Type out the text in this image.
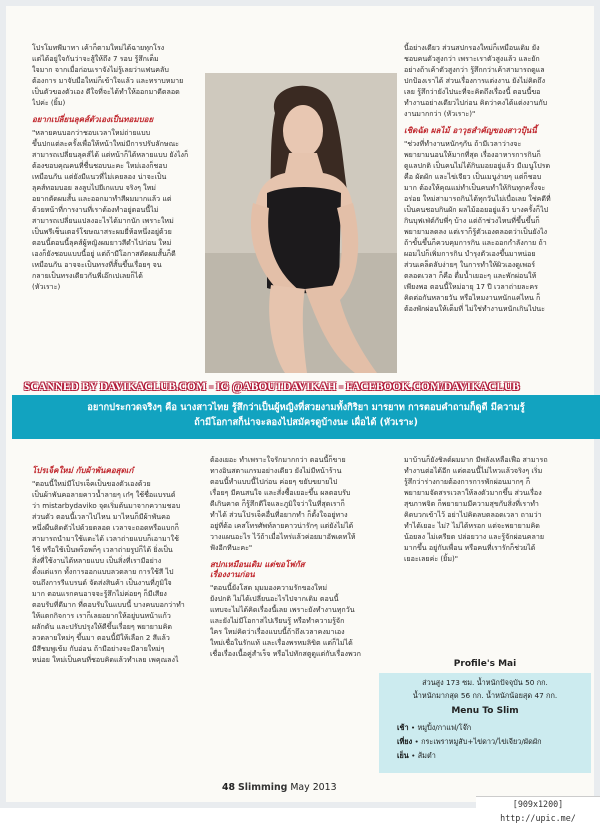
โปรโมทพีมาทา เค้าก็ตามใหม่ได้ฉายทุกโรง
แต่ได้อยู่ใจกันว่าจะสู้ให้ถึง 7 รอบ รู้สึกเต็ม
ใจมาก จากเมื่อก่อนเราจังไม่รู้เลยว่าแฟนคลับ
ต้องการ มาจับมือใหม่ก็เข้าใจแล้ว และทราบหมาย
เป็นตัวของตัวเอง ดีใจที่จะได้ทำให้ออกมาดีตลอด
ไปค่ะ (ยิ้ม)

อยากเปลี่ยนลุคส์ตัวเองเป็นทอมบอย

"หลายคนบอกว่าชอบเวลาใหม่ถ่ายแบบ
ขึ้นปกแต่ละครั้งเพื่อให้หน้าใหม่มีการปรับลักษณะ
สามารถเปลี่ยนลุคส์ได้ แต่หน้าก็ได้หลายแบบ ยังไงก็
ต้องขอบคุณคนที่ชื่นชอบนะคะ ใหม่เองก็ชอบ
เหมือนกัน แต่ยังมีแนวที่ไม่เคยลอง น่าจะเป็น
ลุคส์ทอมบอย ลงลูบไปยีเกแบบ จริงๆ ใหม่
อยากตัดผมสั้น และออกมาทำสีผมมากแล้ว แต่
ด้วยหน้าที่การงานที่เราต้องทำอยู่ตอนนี้ไม่
สามารถเปลี่ยนแปลงอะไรได้มากนัก เพราะใหม่
เป็นพรีเซ็นเตอร์โฆษณาสระผมยี่ห้อหนึ่งอยู่ด้วย
ตอนนี้ตอนนี้ลุคส์ผู้หญิงผมยาวสีดำไปก่อน ใหม่
เองก็ยังชอบแบบนี้อยู่ แต่ถ้ามีโอกาสตัดผมสั้นก็ดี
เหมือนกัน อาจจะเป็นทรงที่สั้นขึ้นเรื่อยๆ จน
กลายเป็นทรงเดียวกันพี่เอ๊กเปเลยก็ได้
(หัวเราะ)

นี้อย่างเดียว ส่วนสปกรองใหม่ก็เหมือนเดิม ยัง
ชอบคนตัวสูงกว่า เพราะเราตัวสูงแล้ว และยัก
อย่างถ้าเค้าตัวสูงกว่า รู้สึกกว่าเค้าสามารถดูแล
ปกป้องเราได้ ส่วนเรื่องการแต่งงาน ยังไม่คิดถึง
เลย รู้สึกว่ายังไปนะที่จะคิดถึงเรื่องนี้ ตอนนี้ขอ
ทำงานอย่างเดียวไปก่อน คิดว่าคงได้แต่งงานกับ
งานมากกว่า (หัวเราะ)"

เชิดฉัด ผลไม้ อาวุธสำคัญของสาวปุ้นนี้

"ช่วงที่ทำงานหนักๆกัน ถ้ามีเวลาว่างจะ
พยายามนอนให้มากที่สุด เรื่องอาหารการกินก็
ดูแลปกติ เป็นคนไม่ได้กินมอยอยู่แล้ว มีเมนูโปรด
คือ ผัดผัก และไข่เจียว เป็นเมนูง่ายๆ แต่ก็ชอบ
มาก ต้องให้คุณแม่ทำเป็นคนทำให้กินทุกครั้งจะ
อร่อย ใหม่สามารถกินได้ทุกวันไม่เบื่อเลย ใช่คดีที่
เป็นคนชอบกินผัก ผลไม้ออยอยู่แล้ว บางครั้งก็ไป
กินบุฟเฟ่ต์กับพี่ๆ บ้าง แต่ถ้าช่วงไหนที่ขึ้นขึ้นก็
พยายามลดลง แต่เราก็รู้ตัวเองตลอดว่าเป็นยังไง
ถ้าขั้นขึ้นก็ควบคุมการกิน และออกกำลังกาย ถ้า
ผอมไปก็เพิ่มการกิน บำรุงตัวเองขึ้นมาหน่อย
ส่วนเคล็ดลับง่ายๆ ในการทำให้ผิวเองดูเพอร์
ตลอดเวลา ก็คือ ดื่มน้ำเยอะๆ และพักผ่อนให้
เพียงพอ ตอนนี้ใหม่อายุ 17 ปี เวลาถ่ายละคร
คิดต่อกันหลายวัน หรือไหมงานหนักแค่ไหน ก็
ต้องพักผ่อนให้เต็มที่ ไม่ใช่ทำงานหนักเกินไปนะ

SCANNED BY DAVIKACLUB.COM - IG @ABOUTDAVIKAH - FACEBOOK.COM/DAVIKACLUB
อยากประกวดจริงๆ คือ นางสาวไทย รู้สึกว่าเป็นผู้หญิงที่สวยงามทั้งกิริยา มารยาท การตอบคำถามก็ดูดี มีความรู้
ถ้ามีโอกาสก็น่าจะลองไปสมัครดูบ้างนะ เผื่อได้ (หัวเราะ)
โปรเจ็คใหม่ กับผ้าพันคอสุดเก๋

"ตอนนี้ใหม่มีโปรเจ็คเป็นของตัวเองด้วย
เป็นผ้าพันคอลายคาวน้ำลายๆ เก๋ๆ ใช้ชื่อแบรนด์
ว่า mistarbydaviko จุดเริ่มต้นมาจากความชอบ
ส่วนตัว ตอนนี้เวลาไปไหน มาไหนก็มีผ้าพันคอ
หนึ่งผืนติดตัวไปด้วยตลอด เวลาจะถอดหรือแบกก็
สามารถนำมาใช้แตะได้ เวลาถ่ายแบบก็เอามาใช้
ใช้ หรือใช้เป็นพร็อพก็ๆ เวลาถ่ายรูปก็ได้ ยิ่งเป็น
สิ่งที่ใช้งานได้หลายแบบ เป็นสิ่งที่เรามีอย่าง
ตั้งแต่แรก ทั้งการออกแบบลวดลาย การใช้สี ไป
จนถึงการรีแบรนด์ จัดส่งสินค้า เป็นงานที่ภูมิใจ
มาก ตอนแรกคนอาจจะรู้สึกไม่ค่อยๆ ก็มีเสียง
ตอบรับที่ดีมาก ที่ตอบรับในแบบนี้ บางคนบอกว่าทำ
ให้แตกกิจการ เราก็เลยอยากให้อยู่บนหน้าแก้ว
ผลักดัน และปรับปรุงให้ดีขึ้นเรื่อยๆ พยายามคิด
ลวดลายใหม่ๆ ขึ้นมา ตอนนี้มีให้เลือก 2 สีแล้ว
มีสีชมพูเข้ม กับอ่อน ถ้ามีอย่างจะมีลายใหม่ๆ
หน่อย ใหม่เป็นคนที่ชอบคิดแล้วทำเลย เพคุณลงไ

ต้องเยอะ ทำเพราะใจรักมากกว่า ตอนนี้ก็ขาย
ทางอินสตาแกรมอย่างเดียว ยังไม่มีหน้าร้าน
ตอนนี้ทำแบบนี้ไปก่อน ค่อยๆ ขยับขยายไป
เรื่อยๆ มีคนสนใจ และสั่งซื้อเยอะขึ้น ผลตอบรับ
ดีเกินคาด ก็รู้สึกดีใจและภูมิใจว่าในที่สุดเราก็
ทำได้ ส่วนโปรเจ็คอื่นที่อยากทำ ก็ตั้งใจอยู่ทาง
อยู่ที่ต้อ เคสโทรศัพท์ลายคาวน่ารักๆ แต่ยังไม่ได้
วางแผนอะไร ไว้ถ้าเมื่อไหร่แล้วค่อยมาอัพเดทให้
ฟังอีกทีนะคะ"

สปกเหมือนเดิม แต่ขอโฟกัส
เรื่องงานก่อน

"ตอนนี้ยังโสด มุมมองความรักของใหม่
ยังปกติ ไม่ได้เปลี่ยนอะไรไปจากเดิม ตอนนี้
แทบจะไม่ได้คิดเรื่องนี้เลย เพราะยังทำงานทุกวัน
และยังไม่มีโอกาสไปเรียนรู้ หรือทำความรู้จัก
ใคร ใหม่คิดว่าเรื่องแบบนี้ถ้าถึงเวลาคงมาเอง
ใหม่เชื่อในรักแท้ และเรื่องพรหมลิขิต แต่ก็ไม่ได้
เชื่อเรื่องเนื้อคู่สำเร็จ หรือไปทักสตูดูแต่กับเรื่องพวก

มาบ้านก็ยังชิลด์ผมมาก มีพลังเหลือเฟือ สามารถ
ทำงานต่อได้อีก แต่ตอนนี้ไม่ไหวแล้วจริงๆ เริ่ม
รู้สึกว่าร่างกายต้องการการพักผ่อนมากๆ ก็
พยายามจัดสรรเวลาให้ลงตัวมากขึ้น ส่วนเรื่อง
สุขภาพจิต ก็พยายามมีความสุขกับสิ่งที่เราทำ
คิดบวกเข้าไว้ อย่าไปคิดลบตลอดเวลา ถามว่า
ทำได้เยอะ ไม่? ไม่ได้หรอก แต่จะพยายามคิด
น้อยลง ไม่เครียด ปล่อยวาง และรู้จักผ่อนคลาย
มากขึ้น อยู่กับเพื่อน หรือคนที่เรารักก็ช่วยได้
เยอะเลยค่ะ (ยิ้ม)"

Profile's Mai
ส่วนสูง 173 ซม. น้ำหนักปัจจุบัน 50 กก.
น้ำหนักมากสุด 56 กก. น้ำหนักน้อยสุด 47 กก.
Menu To Slim
เช้า • หมูปิ้ง/กาแฟ/โจ๊ก
เที่ยง • กระเพราหมูสับ+ไข่ดาว/ไข่เจียว/ผัดผัก
เย็น • ส้มตำ
48 Slimming May 2013
[909x1200] http://upic.me/
